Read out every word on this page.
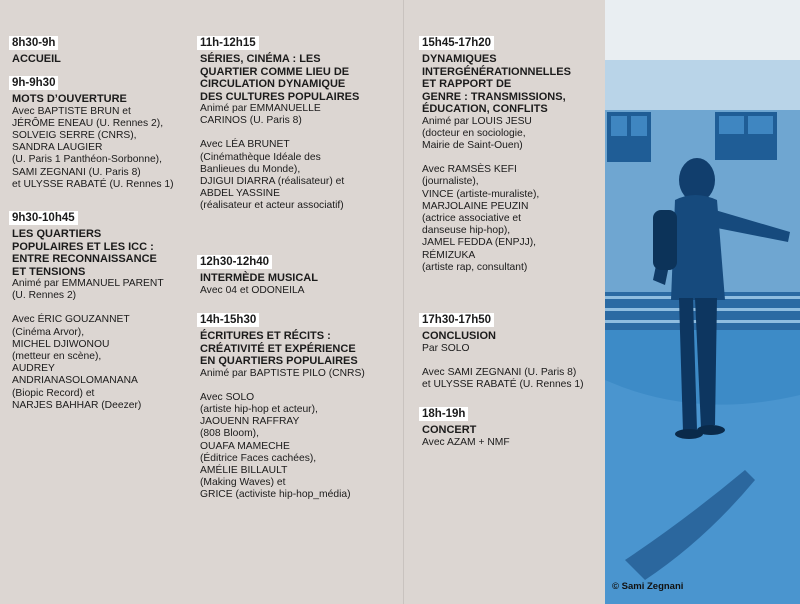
8h30-9h
ACCUEIL
9h-9h30
MOTS D’OUVERTURE

Avec BAPTISTE BRUN et

JÉRÔME ENEAU (U. Rennes 2),

SOLVEIG SERRE (CNRS),

SANDRA LAUGIER

(U. Paris 1 Panthéon-Sorbonne),

SAMI ZEGNANI (U. Paris 8)

et ULYSSE RABATÉ (U. Rennes 1)

9h30-10h45
LES QUARTIERS
POPULAIRES ET LES ICC :
ENTRE RECONNAISSANCE
ET TENSIONS

Animé par EMMANUEL PARENT

(U. Rennes 2)

Avec ÉRIC GOUZANNET

(Cinéma Arvor),

MICHEL DJIWONOU

(metteur en scène),

AUDREY

ANDRIANASOLOMANANA

(Biopic Record) et

NARJES BAHHAR (Deezer)

11h-12h15
SÉRIES, CINÉMA : LES
QUARTIER COMME LIEU DE
CIRCULATION DYNAMIQUE
DES CULTURES POPULAIRES

Animé par EMMANUELLE

CARINOS (U. Paris 8)

Avec LÉA BRUNET

(Cinémathèque Idéale des

Banlieues du Monde),

DJIGUI DIARRA (réalisateur) et

ABDEL YASSINE

(réalisateur et acteur associatif)

12h30-12h40
INTERMÈDE MUSICAL

Avec 04 et ODONEILA

14h-15h30
ÉCRITURES ET RÉCITS :
CRÉATIVITÉ ET EXPÉRIENCE
EN QUARTIERS POPULAIRES

Animé par BAPTISTE PILO (CNRS)

Avec SOLO

(artiste hip-hop et acteur),

JAOUENN RAFFRAY

(808 Bloom),

OUAFA MAMECHE

(Éditrice Faces cachées),

AMÉLIE BILLAULT

(Making Waves) et

GRICE (activiste hip-hop_média)

15h45-17h20
DYNAMIQUES
INTERGÉNÉRATIONNELLES
ET RAPPORT DE
GENRE : TRANSMISSIONS,
ÉDUCATION, CONFLITS

Animé par LOUIS JESU

(docteur en sociologie,

Mairie de Saint-Ouen)

Avec RAMSÈS KEFI

(journaliste),

VINCE (artiste-muraliste),

MARJOLAINE PEUZIN

(actrice associative et

danseuse hip-hop),

JAMEL FEDDA (ENPJJ),

RÉMIZUKA

(artiste rap, consultant)

17h30-17h50
CONCLUSION

Par SOLO

Avec SAMI ZEGNANI (U. Paris 8)

et ULYSSE RABATÉ (U. Rennes 1)

18h-19h
CONCERT

Avec AZAM + NMF

© Sami Zegnani
